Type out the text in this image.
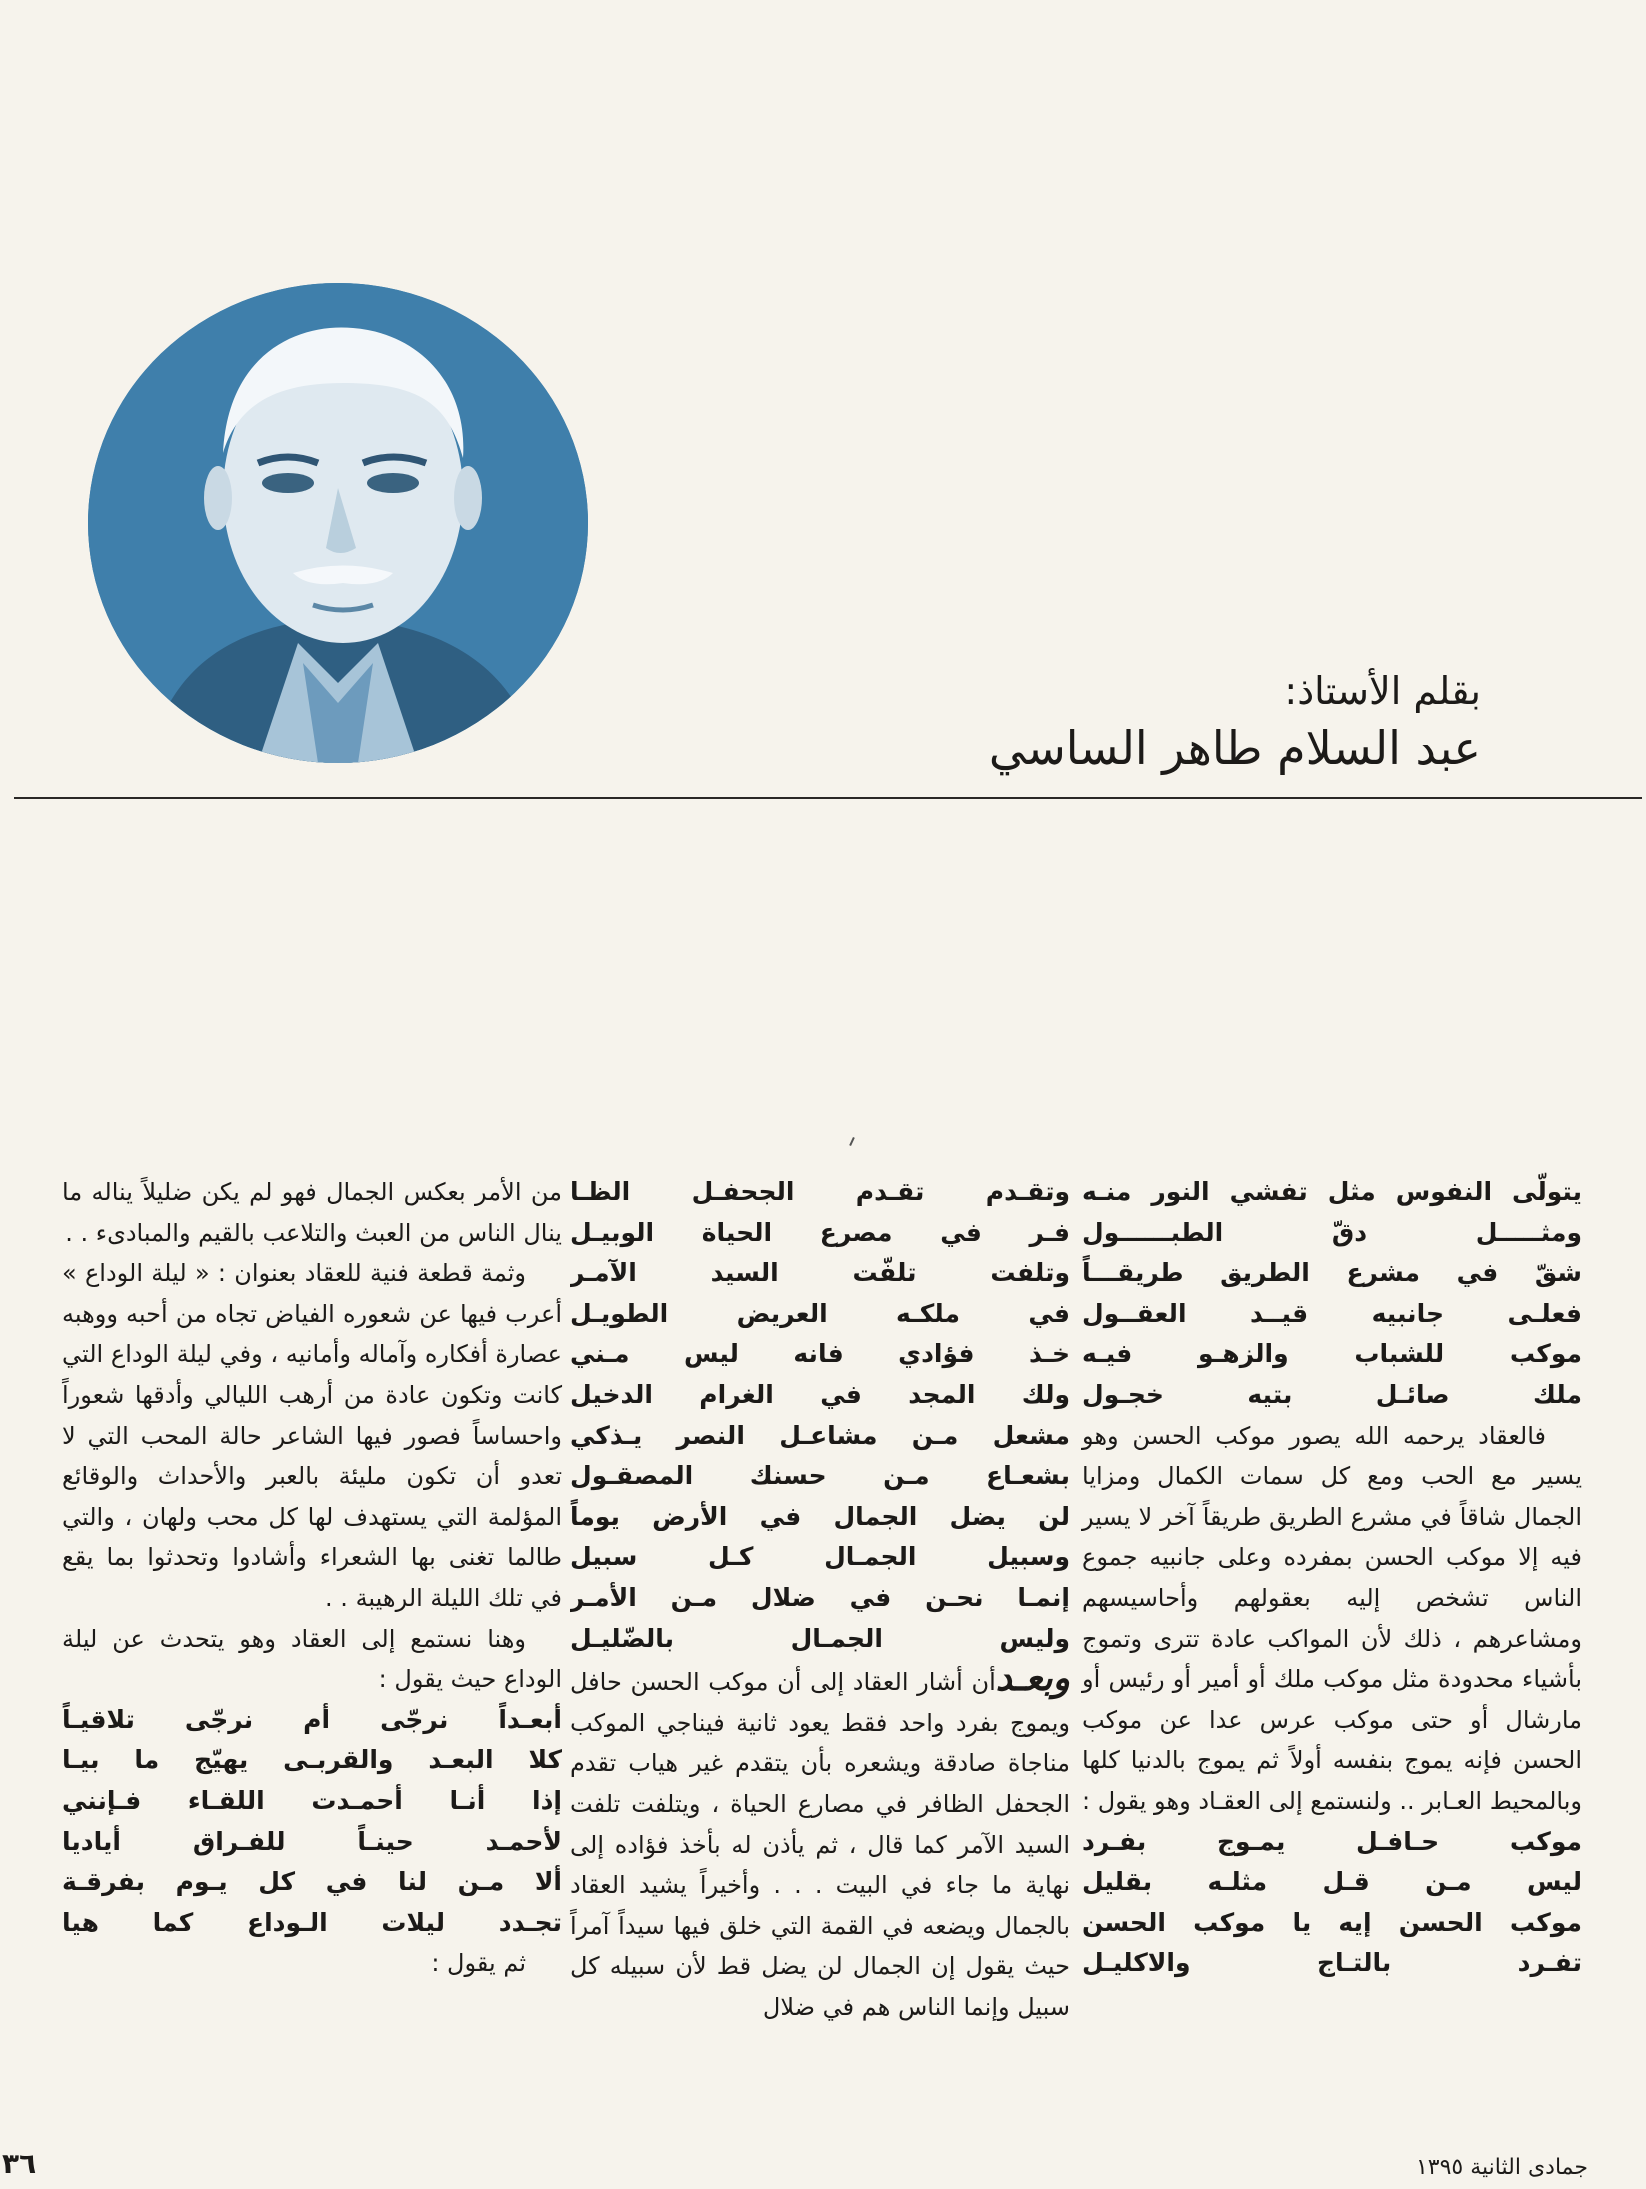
بقلم الأستاذ:
عبد السلام طاهر الساسي

يتولّى النفوس مثل تفشي النور منـه

ومثـــــل دقّ الطبــــــول

شقّ في مشرع الطريق طريقـــاً

فعلـى جانبيه قيــد العقــول

موكب للشباب والزهـو فيـه

ملك صائـل بتيه خجـول

فالعقاد يرحمه الله يصور موكب الحسن وهو يسير مع الحب ومع كل سمات الكمال ومزايا الجمال شاقاً في مشرع الطريق طريقاً آخر لا يسير فيه إلا موكب الحسن بمفرده وعلى جانبيه جموع الناس تشخص إليه بعقولهم وأحاسيسهم ومشاعرهم ، ذلك لأن المواكب عادة تترى وتموج بأشياء محدودة مثل موكب ملك أو أمير أو رئيس أو مارشال أو حتى موكب عرس عدا عن موكب الحسن فإنه يموج بنفسه أولاً ثم يموج بالدنيا كلها وبالمحيط العـابر .. ولنستمع إلى العقـاد وهو يقول :

موكب حـافـل يمـوج بفـرد

ليس مـن قـل مثلـه بقليل

موكب الحسن إيه يا موكب الحسن

تفـرد بالتـاج والاكليـل

وتقـدم تقـدم الجحفـل الظـا

فـر في مصرع الحياة الوبيـل

وتلفت تلفّت السيد الآمـر

في ملكـه العريض الطويـل

خـذ فؤادي فانه ليس مـني

ولك المجد في الغرام الدخيل

مشعل مـن مشاعـل النصر يـذكي

بشعـاع مـن حسنك المصقـول

لن يضل الجمال في الأرض يوماً

وسبيل الجمـال كـل سبيل

إنمـا نحـن في ضلال مـن الأمـر

وليس الجمـال بالضّليـل

وبعـدأن أشار العقاد إلى أن موكب الحسن حافل ويموج بفرد واحد فقط يعود ثانية فيناجي الموكب مناجاة صادقة ويشعره بأن يتقدم غير هياب تقدم الجحفل الظافر في مصارع الحياة ، ويتلفت تلفت السيد الآمر كما قال ، ثم يأذن له بأخذ فؤاده إلى نهاية ما جاء في البيت . . . وأخيراً يشيد العقاد بالجمال ويضعه في القمة التي خلق فيها سيداً آمراً حيث يقول إن الجمال لن يضل قط لأن سبيله كل سبيل وإنما الناس هم في ضلال

من الأمر بعكس الجمال فهو لم يكن ضليلاً يناله ما ينال الناس من العبث والتلاعب بالقيم والمبادىء . .

وثمة قطعة فنية للعقاد بعنوان : « ليلة الوداع » أعرب فيها عن شعوره الفياض تجاه من أحبه ووهبه عصارة أفكاره وآماله وأمانيه ، وفي ليلة الوداع التي كانت وتكون عادة من أرهب الليالي وأدقها شعوراً واحساساً فصور فيها الشاعر حالة المحب التي لا تعدو أن تكون مليئة بالعبر والأحداث والوقائع المؤلمة التي يستهدف لها كل محب ولهان ، والتي طالما تغنى بها الشعراء وأشادوا وتحدثوا بما يقع في تلك الليلة الرهيبة . .

وهنا نستمع إلى العقاد وهو يتحدث عن ليلة الوداع حيث يقول :

أبعـداً نرجّى أم نرجّى تلاقيـاً

كلا البعـد والقربـى يهيّج ما بيـا

إذا أنـا أحمـدت اللقـاء فـإنني

لأحمـد حينـاً للفـراق أياديا

ألا مـن لنا في كل يـوم بفرقـة

تجـدد ليلات الـوداع كما هيا

ثم يقول :

جمادى الثانية ١٣٩٥
٣٦
